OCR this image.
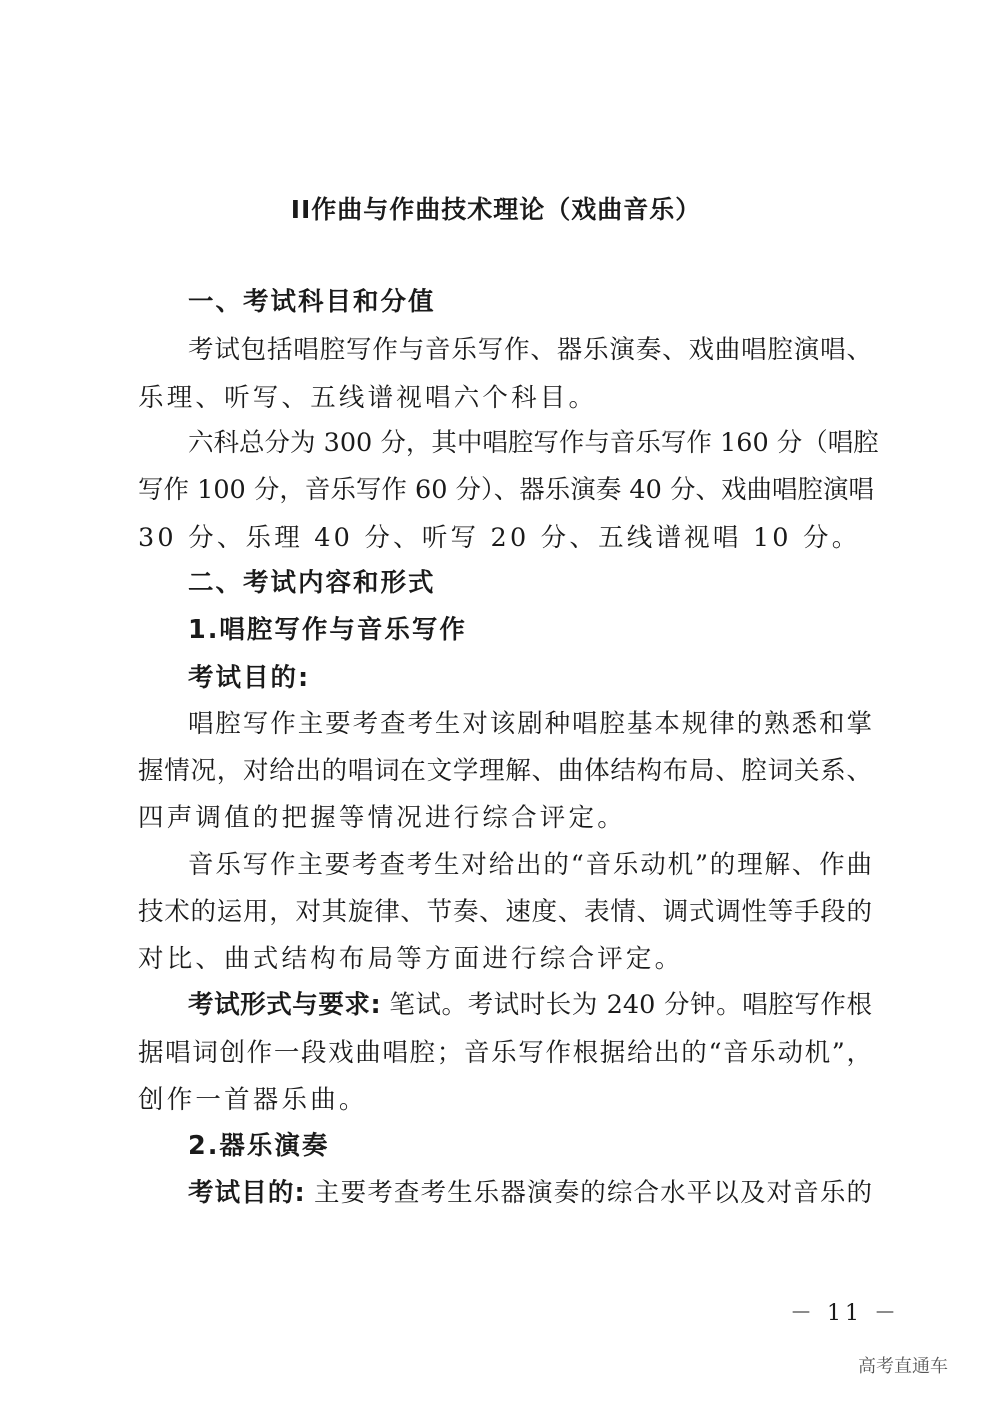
II作曲与作曲技术理论（戏曲音乐）
一、考试科目和分值
考试包括唱腔写作与音乐写作、器乐演奏、戏曲唱腔演唱、
乐理、听写、五线谱视唱六个科目。
六科总分为 300 分，其中唱腔写作与音乐写作 160 分（唱腔
写作 100 分，音乐写作 60 分）、器乐演奏 40 分、戏曲唱腔演唱
30 分、乐理 40 分、听写 20 分、五线谱视唱 10 分。
二、考试内容和形式
1.唱腔写作与音乐写作
考试目的:
唱腔写作主要考查考生对该剧种唱腔基本规律的熟悉和掌
握情况，对给出的唱词在文学理解、曲体结构布局、腔词关系、
四声调值的把握等情况进行综合评定。
音乐写作主要考查考生对给出的“音乐动机”的理解、作曲
技术的运用，对其旋律、节奏、速度、表情、调式调性等手段的
对比、曲式结构布局等方面进行综合评定。
考试形式与要求: 笔试。考试时长为 240 分钟。唱腔写作根
据唱词创作一段戏曲唱腔；音乐写作根据给出的“音乐动机”，
创作一首器乐曲。
2.器乐演奏
考试目的: 主要考查考生乐器演奏的综合水平以及对音乐的
－ 11 －
高考直通车
